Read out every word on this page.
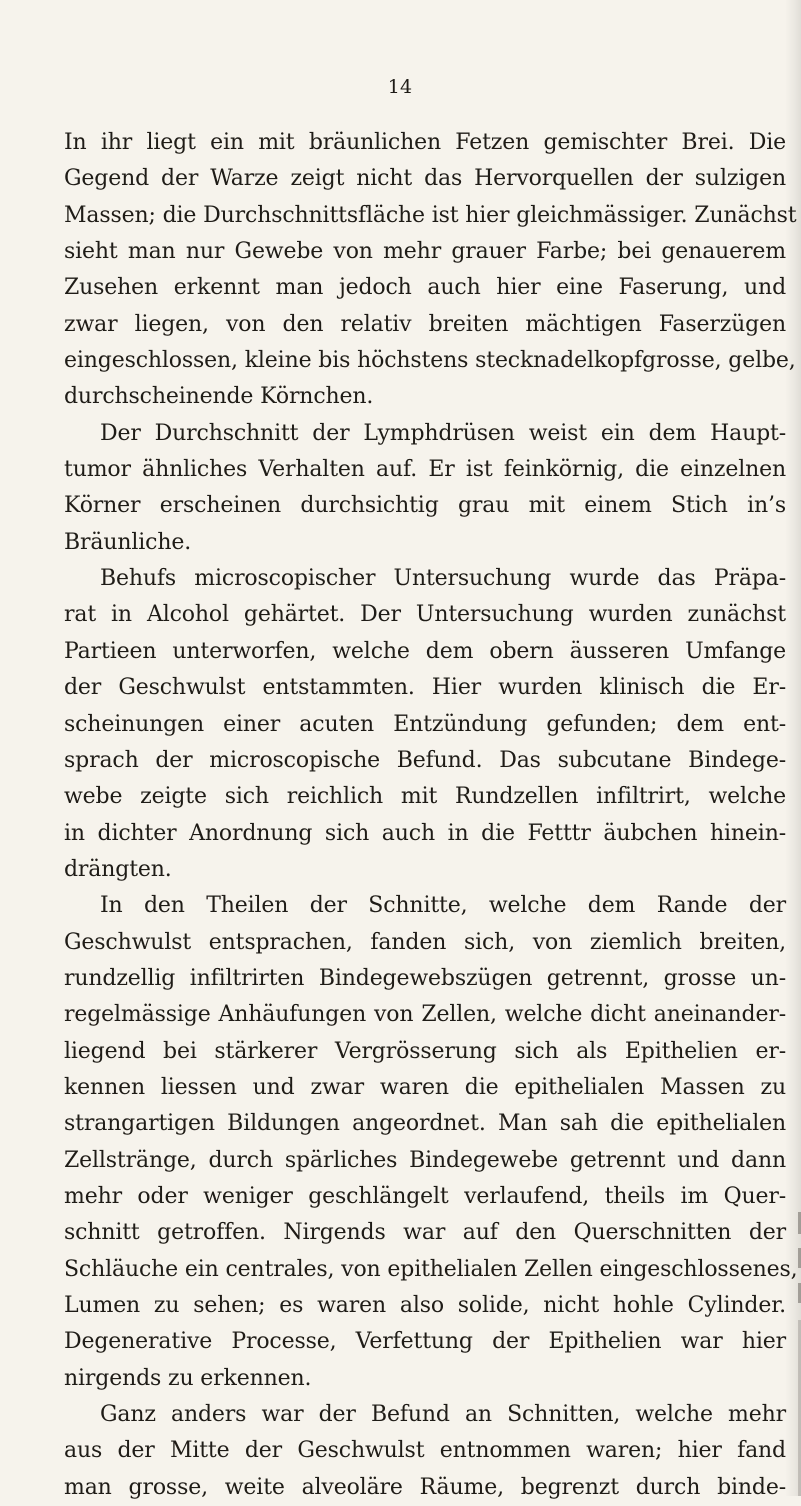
14
In ihr liegt ein mit bräunlichen Fetzen gemischter Brei. Die
Gegend der Warze zeigt nicht das Hervorquellen der sulzigen
Massen; die Durchschnittsfläche ist hier gleichmässiger. Zunächst
sieht man nur Gewebe von mehr grauer Farbe; bei genauerem
Zusehen erkennt man jedoch auch hier eine Faserung, und
zwar liegen, von den relativ breiten mächtigen Faserzügen
eingeschlossen, kleine bis höchstens stecknadelkopfgrosse, gelbe,
durchscheinende Körnchen.
Der Durchschnitt der Lymphdrüsen weist ein dem Haupt-
tumor ähnliches Verhalten auf. Er ist feinkörnig, die einzelnen
Körner erscheinen durchsichtig grau mit einem Stich in’s
Bräunliche.
Behufs microscopischer Untersuchung wurde das Präpa-
rat in Alcohol gehärtet. Der Untersuchung wurden zunächst
Partieen unterworfen, welche dem obern äusseren Umfange
der Geschwulst entstammten. Hier wurden klinisch die Er-
scheinungen einer acuten Entzündung gefunden; dem ent-
sprach der microscopische Befund. Das subcutane Bindege-
webe zeigte sich reichlich mit Rundzellen infiltrirt, welche
in dichter Anordnung sich auch in die Fetttr äubchen hinein-
drängten.
In den Theilen der Schnitte, welche dem Rande der
Geschwulst entsprachen, fanden sich, von ziemlich breiten,
rundzellig infiltrirten Bindegewebszügen getrennt, grosse un-
regelmässige Anhäufungen von Zellen, welche dicht aneinander-
liegend bei stärkerer Vergrösserung sich als Epithelien er-
kennen liessen und zwar waren die epithelialen Massen zu
strangartigen Bildungen angeordnet. Man sah die epithelialen
Zellstränge, durch spärliches Bindegewebe getrennt und dann
mehr oder weniger geschlängelt verlaufend, theils im Quer-
schnitt getroffen. Nirgends war auf den Querschnitten der
Schläuche ein centrales, von epithelialen Zellen eingeschlossenes,
Lumen zu sehen; es waren also solide, nicht hohle Cylinder.
Degenerative Processe, Verfettung der Epithelien war hier
nirgends zu erkennen.
Ganz anders war der Befund an Schnitten, welche mehr
aus der Mitte der Geschwulst entnommen waren; hier fand
man grosse, weite alveoläre Räume, begrenzt durch binde-
